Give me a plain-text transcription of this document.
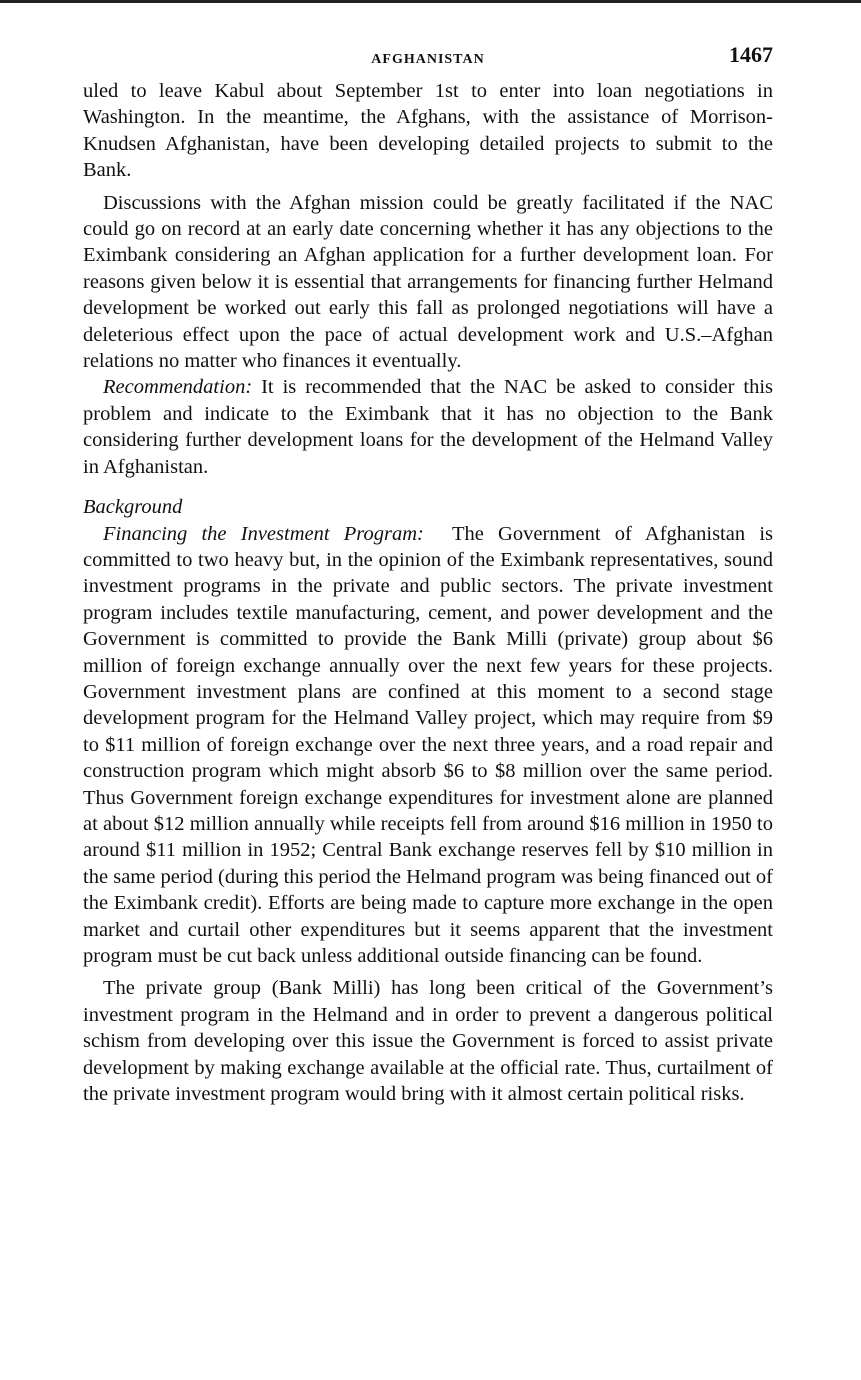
AFGHANISTAN	1467

uled to leave Kabul about September 1st to enter into loan negotiations in Washington. In the meantime, the Afghans, with the assistance of Morrison-Knudsen Afghanistan, have been developing detailed projects to submit to the Bank.

Discussions with the Afghan mission could be greatly facilitated if the NAC could go on record at an early date concerning whether it has any objections to the Eximbank considering an Afghan application for a further development loan. For reasons given below it is essential that arrangements for financing further Helmand development be worked out early this fall as prolonged negotiations will have a deleterious effect upon the pace of actual development work and U.S.–Afghan relations no matter who finances it eventually.

Recommendation: It is recommended that the NAC be asked to consider this problem and indicate to the Eximbank that it has no objection to the Bank considering further development loans for the development of the Helmand Valley in Afghanistan.

Background

Financing the Investment Program: The Government of Afghanistan is committed to two heavy but, in the opinion of the Eximbank representatives, sound investment programs in the private and public sectors. The private investment program includes textile manufacturing, cement, and power development and the Government is committed to provide the Bank Milli (private) group about $6 million of foreign exchange annually over the next few years for these projects. Government investment plans are confined at this moment to a second stage development program for the Helmand Valley project, which may require from $9 to $11 million of foreign exchange over the next three years, and a road repair and construction program which might absorb $6 to $8 million over the same period. Thus Government foreign exchange expenditures for investment alone are planned at about $12 million annually while receipts fell from around $16 million in 1950 to around $11 million in 1952; Central Bank exchange reserves fell by $10 million in the same period (during this period the Helmand program was being financed out of the Eximbank credit). Efforts are being made to capture more exchange in the open market and curtail other expenditures but it seems apparent that the investment program must be cut back unless additional outside financing can be found.

The private group (Bank Milli) has long been critical of the Government’s investment program in the Helmand and in order to prevent a dangerous political schism from developing over this issue the Government is forced to assist private development by making exchange available at the official rate. Thus, curtailment of the private investment program would bring with it almost certain political risks.
